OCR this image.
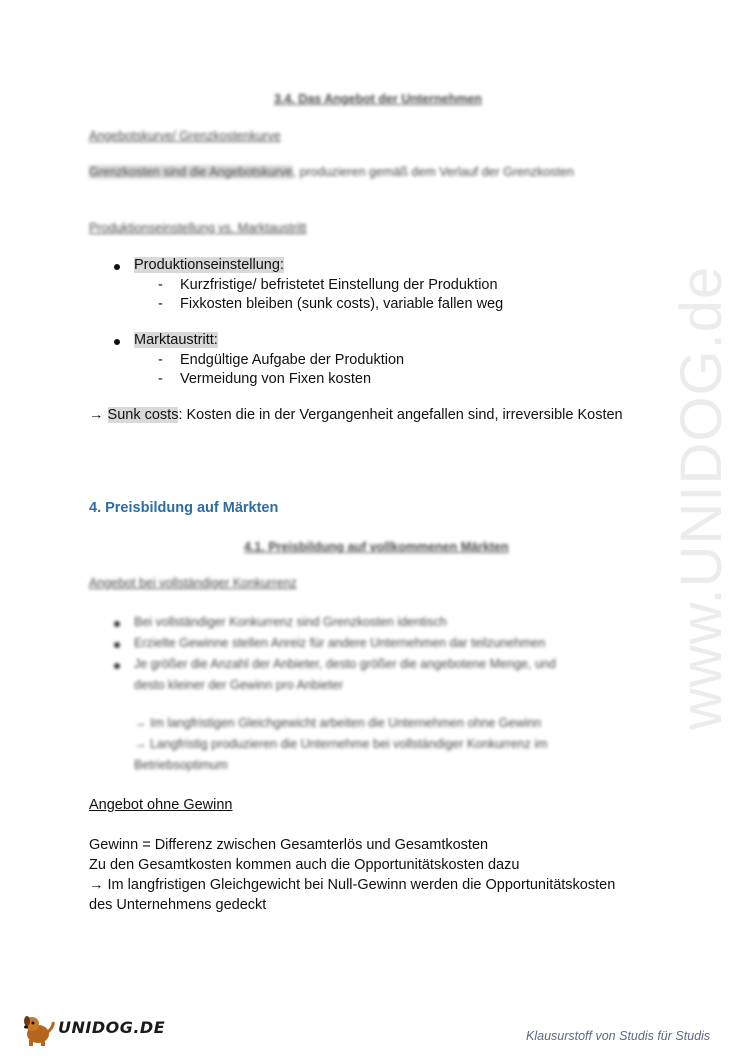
www.UNIDOG.de
3.4. Das Angebot der Unternehmen
Angebotskurve/ Grenzkostenkurve
Grenzkosten sind die Angebotskurve, produzieren gemäß dem Verlauf der Grenzkosten
Produktionseinstellung vs. Marktaustritt
Produktionseinstellung:
- Kurzfristige/ befristetet Einstellung der Produktion
- Fixkosten bleiben (sunk costs), variable fallen weg
Marktaustritt:
- Endgültige Aufgabe der Produktion
- Vermeidung von Fixen kosten
→ Sunk costs: Kosten die in der Vergangenheit angefallen sind, irreversible Kosten
4. Preisbildung auf Märkten
4.1. Preisbildung auf vollkommenen Märkten
Angebot bei vollständiger Konkurrenz
Bei vollständiger Konkurrenz sind Grenzkosten identisch
Erzielte Gewinne stellen Anreiz für andere Unternehmen dar teilzunehmen
Je größer die Anzahl der Anbieter, desto größer die angebotene Menge, und
desto kleiner der Gewinn pro Anbieter
→ Im langfristigen Gleichgewicht arbeiten die Unternehmen ohne Gewinn
→ Langfristig produzieren die Unternehme bei vollständiger Konkurrenz im
Betriebsoptimum
Angebot ohne Gewinn
Gewinn = Differenz zwischen Gesamterlös und Gesamtkosten
Zu den Gesamtkosten kommen auch die Opportunitätskosten dazu
→ Im langfristigen Gleichgewicht bei Null-Gewinn werden die Opportunitätskosten
des Unternehmens gedeckt
UNIDOG.DE	Klausurstoff von Studis für Studis
